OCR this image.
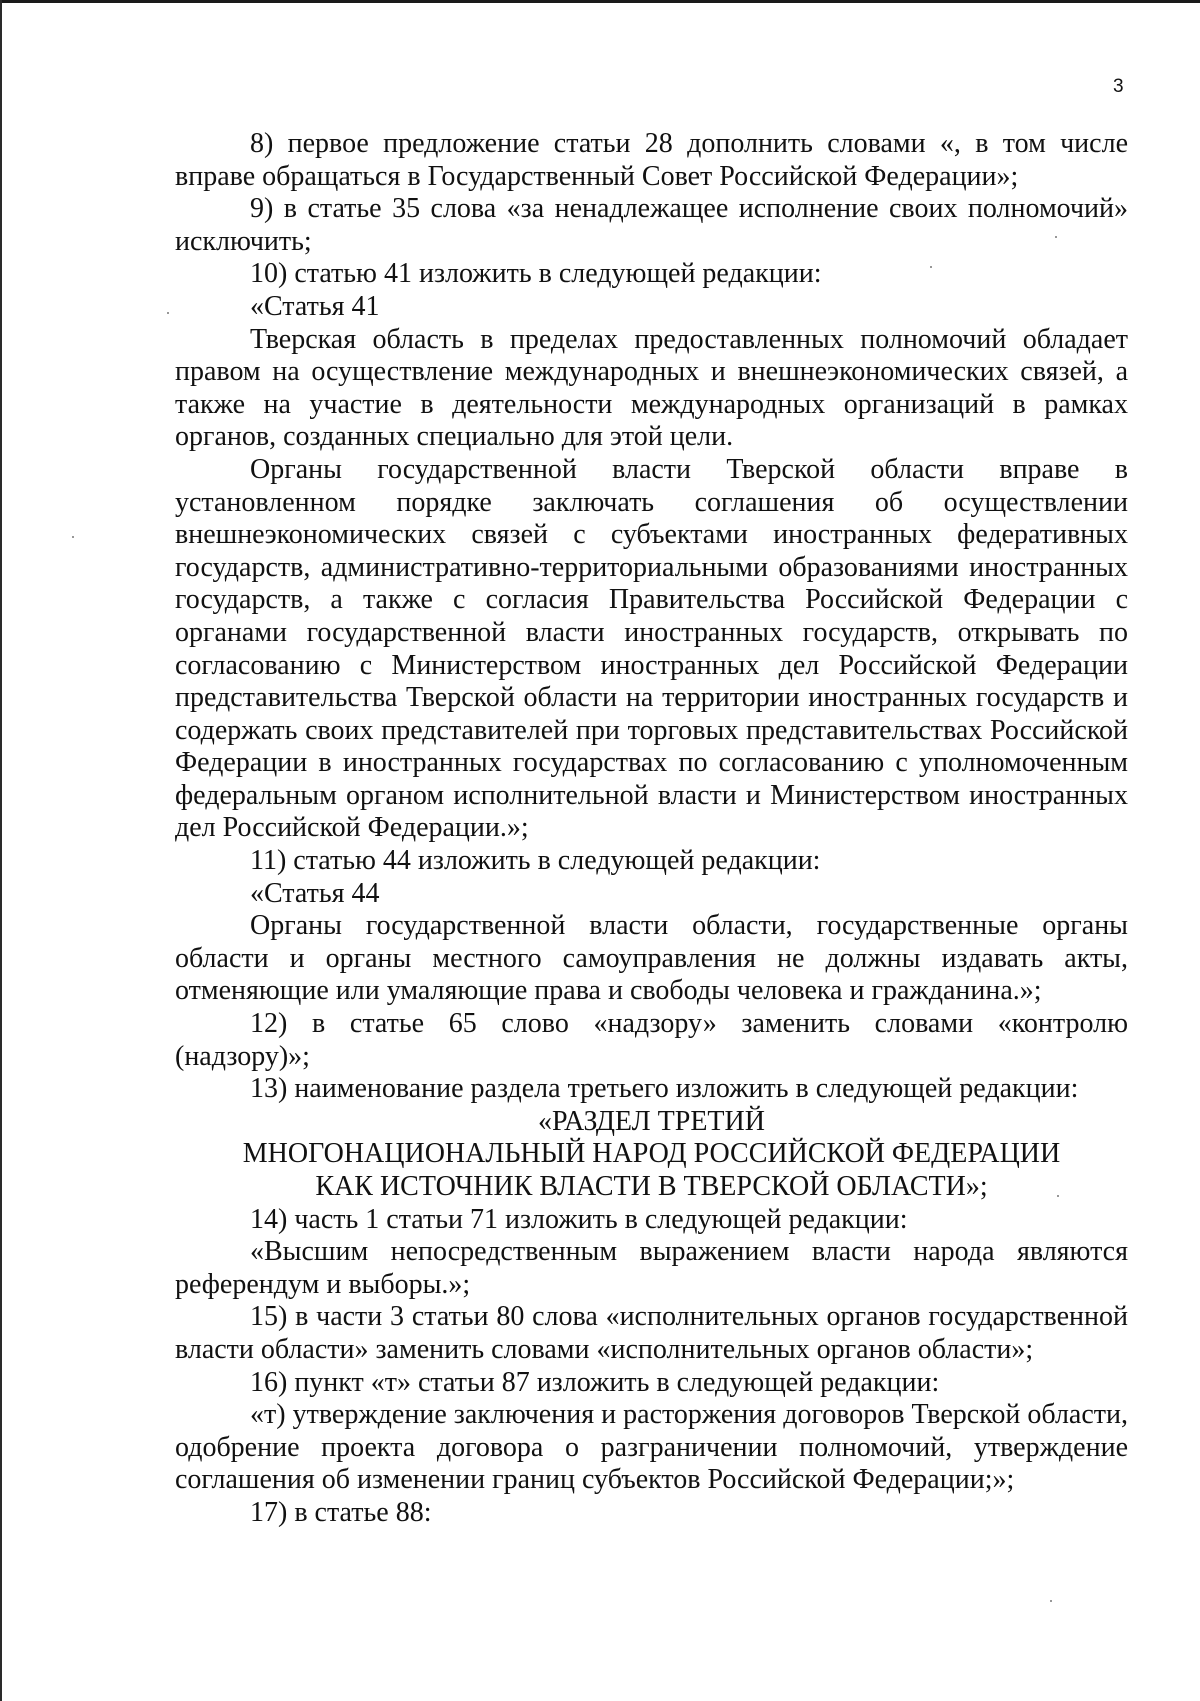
3

8) первое предложение статьи 28 дополнить словами «, в том числе вправе обращаться в Государственный Совет Российской Федерации»;

9) в статье 35 слова «за ненадлежащее исполнение своих полномочий» исключить;

10) статью 41 изложить в следующей редакции:

«Статья 41

Тверская область в пределах предоставленных полномочий обладает правом на осуществление международных и внешнеэкономических связей, а также на участие в деятельности международных организаций в рамках органов, созданных специально для этой цели.

Органы государственной власти Тверской области вправе в установленном порядке заключать соглашения об осуществлении внешнеэкономических связей с субъектами иностранных федеративных государств, административно-территориальными образованиями иностранных государств, а также с согласия Правительства Российской Федерации с органами государственной власти иностранных государств, открывать по согласованию с Министерством иностранных дел Российской Федерации представительства Тверской области на территории иностранных государств и содержать своих представителей при торговых представительствах Российской Федерации в иностранных государствах по согласованию с уполномоченным федеральным органом исполнительной власти и Министерством иностранных дел Российской Федерации.»;

11) статью 44 изложить в следующей редакции:

«Статья 44

Органы государственной власти области, государственные органы области и органы местного самоуправления не должны издавать акты, отменяющие или умаляющие права и свободы человека и гражданина.»;

12) в статье 65 слово «надзору» заменить словами «контролю (надзору)»;

13) наименование раздела третьего изложить в следующей редакции:

«РАЗДЕЛ ТРЕТИЙ
МНОГОНАЦИОНАЛЬНЫЙ НАРОД РОССИЙСКОЙ ФЕДЕРАЦИИ
КАК ИСТОЧНИК ВЛАСТИ В ТВЕРСКОЙ ОБЛАСТИ»;

14) часть 1 статьи 71 изложить в следующей редакции:

«Высшим непосредственным выражением власти народа являются референдум и выборы.»;

15) в части 3 статьи 80 слова «исполнительных органов государственной власти области» заменить словами «исполнительных органов области»;

16) пункт «т» статьи 87 изложить в следующей редакции:

«т) утверждение заключения и расторжения договоров Тверской области, одобрение проекта договора о разграничении полномочий, утверждение соглашения об изменении границ субъектов Российской Федерации;»;

17) в статье 88:
